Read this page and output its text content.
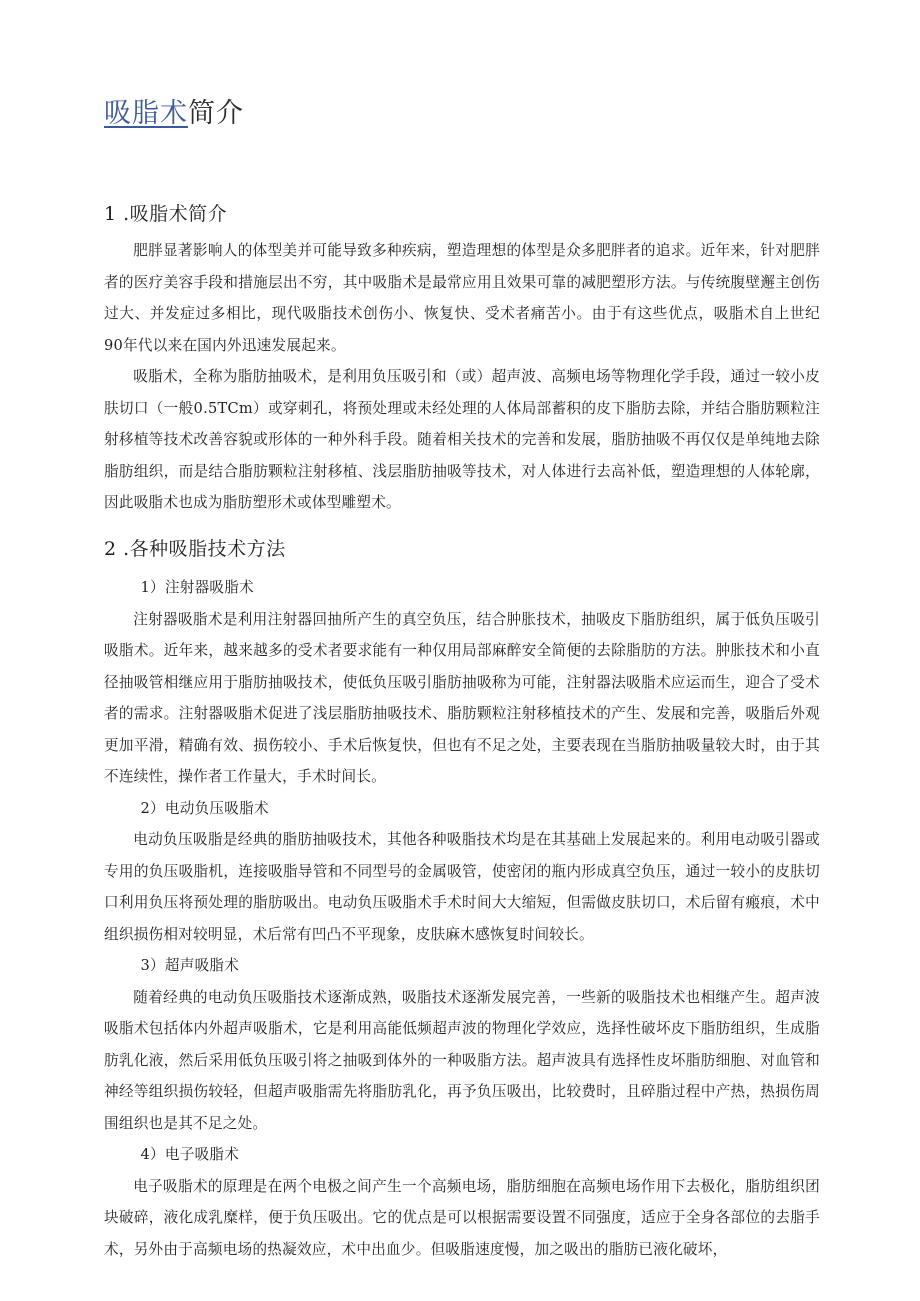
吸脂术简介
1 .吸脂术简介

肥胖显著影响人的体型美并可能导致多种疾病，塑造理想的体型是众多肥胖者的追求。近年来，针对肥胖者的医疗美容手段和措施层出不穷，其中吸脂术是最常应用且效果可靠的减肥塑形方法。与传统腹壁邂主创伤过大、并发症过多相比，现代吸脂技术创伤小、恢复快、受术者痛苦小。由于有这些优点，吸脂术自上世纪90年代以来在国内外迅速发展起来。

吸脂术，全称为脂肪抽吸术，是利用负压吸引和（或）超声波、高频电场等物理化学手段，通过一较小皮肤切口（一般0.5TCm）或穿刺孔，将预处理或未经处理的人体局部蓄积的皮下脂肪去除，并结合脂肪颗粒注射移植等技术改善容貌或形体的一种外科手段。随着相关技术的完善和发展，脂肪抽吸不再仅仅是单纯地去除脂肪组织，而是结合脂肪颗粒注射移植、浅层脂肪抽吸等技术，对人体进行去高补低，塑造理想的人体轮廓，因此吸脂术也成为脂肪塑形术或体型雕塑术。

2 .各种吸脂技术方法

1）注射器吸脂术

注射器吸脂术是利用注射器回抽所产生的真空负压，结合肿胀技术，抽吸皮下脂肪组织，属于低负压吸引吸脂术。近年来，越来越多的受术者要求能有一种仅用局部麻醉安全简便的去除脂肪的方法。肿胀技术和小直径抽吸管相继应用于脂肪抽吸技术，使低负压吸引脂肪抽吸称为可能，注射器法吸脂术应运而生，迎合了受术者的需求。注射器吸脂术促进了浅层脂肪抽吸技术、脂肪颗粒注射移植技术的产生、发展和完善，吸脂后外观更加平滑，精确有效、损伤较小、手术后恢复快，但也有不足之处，主要表现在当脂肪抽吸量较大时，由于其不连续性，操作者工作量大，手术时间长。

2）电动负压吸脂术

电动负压吸脂是经典的脂肪抽吸技术，其他各种吸脂技术均是在其基础上发展起来的。利用电动吸引器或专用的负压吸脂机，连接吸脂导管和不同型号的金属吸管，使密闭的瓶内形成真空负压，通过一较小的皮肤切口利用负压将预处理的脂肪吸出。电动负压吸脂术手术时间大大缩短，但需做皮肤切口，术后留有瘢痕，术中组织损伤相对较明显，术后常有凹凸不平现象，皮肤麻木感恢复时间较长。

3）超声吸脂术

随着经典的电动负压吸脂技术逐渐成熟，吸脂技术逐渐发展完善，一些新的吸脂技术也相继产生。超声波吸脂术包括体内外超声吸脂术，它是利用高能低频超声波的物理化学效应，选择性破坏皮下脂肪组织，生成脂肪乳化液，然后采用低负压吸引将之抽吸到体外的一种吸脂方法。超声波具有选择性皮坏脂肪细胞、对血管和神经等组织损伤较轻，但超声吸脂需先将脂肪乳化，再予负压吸出，比较费时，且碎脂过程中产热，热损伤周围组织也是其不足之处。

4）电子吸脂术

电子吸脂术的原理是在两个电极之间产生一个高频电场，脂肪细胞在高频电场作用下去极化，脂肪组织团块破碎，液化成乳糜样，便于负压吸出。它的优点是可以根据需要设置不同强度，适应于全身各部位的去脂手术，另外由于高频电场的热凝效应，术中出血少。但吸脂速度慢，加之吸出的脂肪已液化破坏，
